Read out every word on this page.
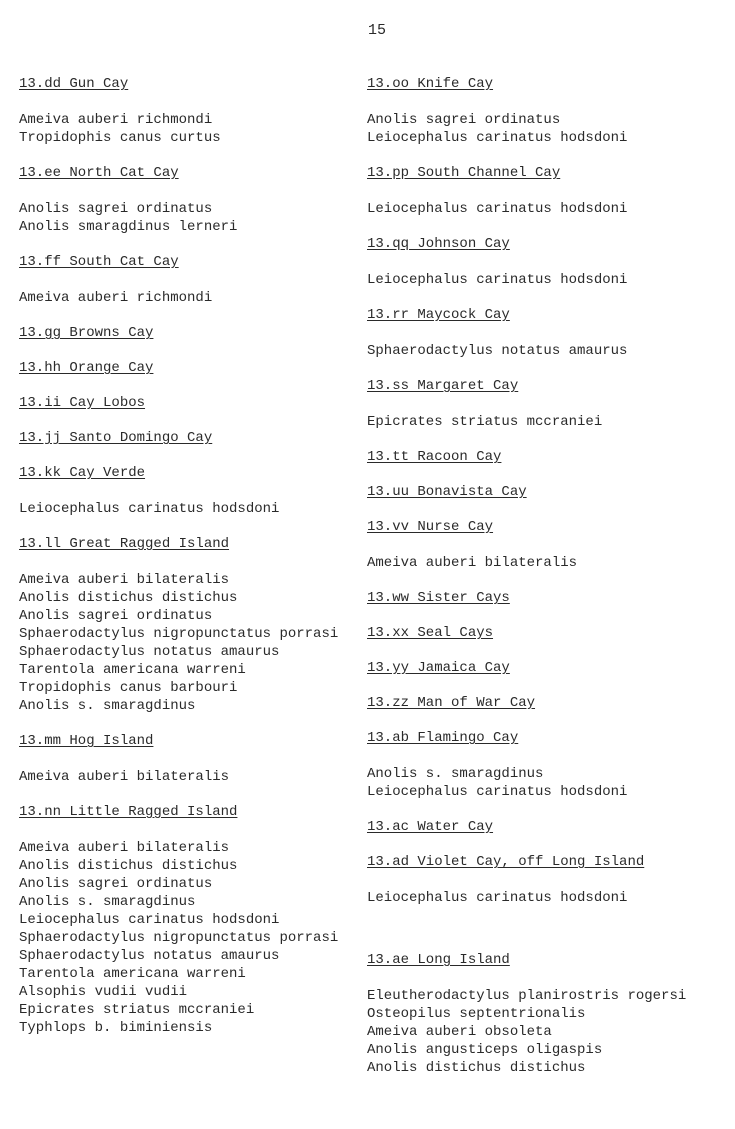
15
13.dd Gun Cay
Ameiva auberi richmondi
Tropidophis canus curtus
13.ee North Cat Cay
Anolis sagrei ordinatus
Anolis smaragdinus lerneri
13.ff South Cat Cay
Ameiva auberi richmondi
13.gg Browns Cay
13.hh Orange Cay
13.ii Cay Lobos
13.jj Santo Domingo Cay
13.kk Cay Verde
Leiocephalus carinatus hodsdoni
13.ll Great Ragged Island
Ameiva auberi bilateralis
Anolis distichus distichus
Anolis sagrei ordinatus
Sphaerodactylus nigropunctatus porrasi
Sphaerodactylus notatus amaurus
Tarentola americana warreni
Tropidophis canus barbouri
Anolis s. smaragdinus
13.mm Hog Island
Ameiva auberi bilateralis
13.nn Little Ragged Island
Ameiva auberi bilateralis
Anolis distichus distichus
Anolis sagrei ordinatus
Anolis s. smaragdinus
Leiocephalus carinatus hodsdoni
Sphaerodactylus nigropunctatus porrasi
Sphaerodactylus notatus amaurus
Tarentola americana warreni
Alsophis vudii vudii
Epicrates striatus mccraniei
Typhlops b. biminiensis
13.oo Knife Cay
Anolis sagrei ordinatus
Leiocephalus carinatus hodsdoni
13.pp South Channel Cay
Leiocephalus carinatus hodsdoni
13.qq Johnson Cay
Leiocephalus carinatus hodsdoni
13.rr Maycock Cay
Sphaerodactylus notatus amaurus
13.ss Margaret Cay
Epicrates striatus mccraniei
13.tt Racoon Cay
13.uu Bonavista Cay
13.vv Nurse Cay
Ameiva auberi bilateralis
13.ww Sister Cays
13.xx Seal Cays
13.yy Jamaica Cay
13.zz Man of War Cay
13.ab Flamingo Cay
Anolis s. smaragdinus
Leiocephalus carinatus hodsdoni
13.ac Water Cay
13.ad Violet Cay, off Long Island
Leiocephalus carinatus hodsdoni
13.ae Long Island
Eleutherodactylus planirostris rogersi
Osteopilus septentrionalis
Ameiva auberi obsoleta
Anolis angusticeps oligaspis
Anolis distichus distichus
